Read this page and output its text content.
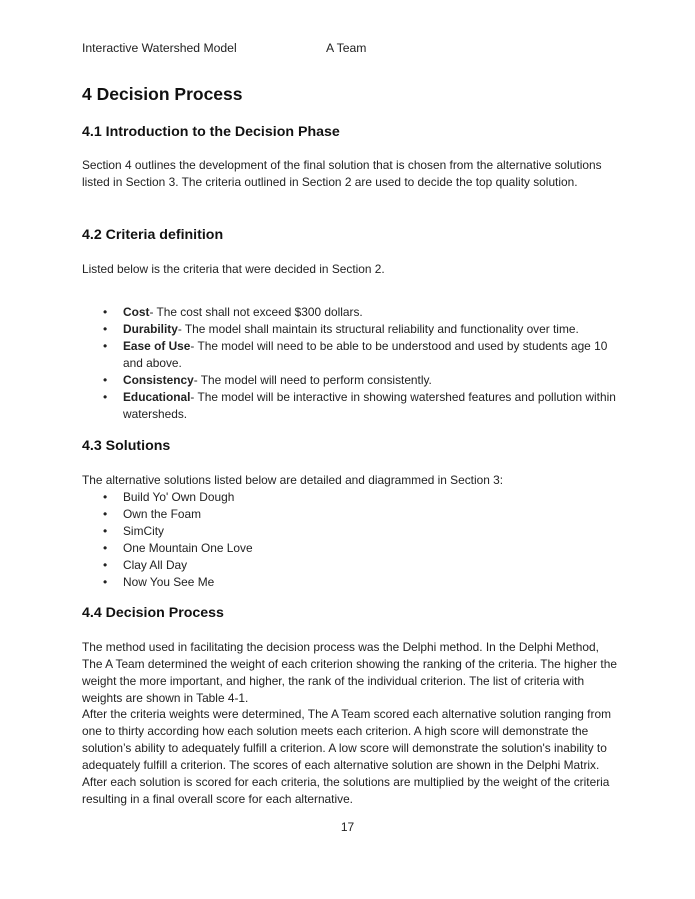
Interactive Watershed Model	A Team
4 Decision Process
4.1 Introduction to the Decision Phase

Section 4 outlines the development of the final solution that is chosen from the alternative solutions listed in Section 3. The criteria outlined in Section 2 are used to decide the top quality solution.

4.2 Criteria definition

Listed below is the criteria that were decided in Section 2.

• Cost- The cost shall not exceed $300 dollars.
• Durability- The model shall maintain its structural reliability and functionality over time.
• Ease of Use- The model will need to be able to be understood and used by students age 10 and above.
• Consistency- The model will need to perform consistently.
• Educational- The model will be interactive in showing watershed features and pollution within watersheds.
4.3 Solutions

The alternative solutions listed below are detailed and diagrammed in Section 3:

• Build Yo' Own Dough
• Own the Foam
• SimCity
• One Mountain One Love
• Clay All Day
• Now You See Me
4.4 Decision Process

The method used in facilitating the decision process was the Delphi method. In the Delphi Method, The A Team determined the weight of each criterion showing the ranking of the criteria. The higher the weight the more important, and higher, the rank of the individual criterion. The list of criteria with weights are shown in Table 4-1.

After the criteria weights were determined, The A Team scored each alternative solution ranging from one to thirty according how each solution meets each criterion. A high score will demonstrate the solution’s ability to adequately fulfill a criterion. A low score will demonstrate the solution's inability to adequately fulfill a criterion. The scores of each alternative solution are shown in the Delphi Matrix. After each solution is scored for each criteria, the solutions are multiplied by the weight of the criteria resulting in a final overall score for each alternative.

17
